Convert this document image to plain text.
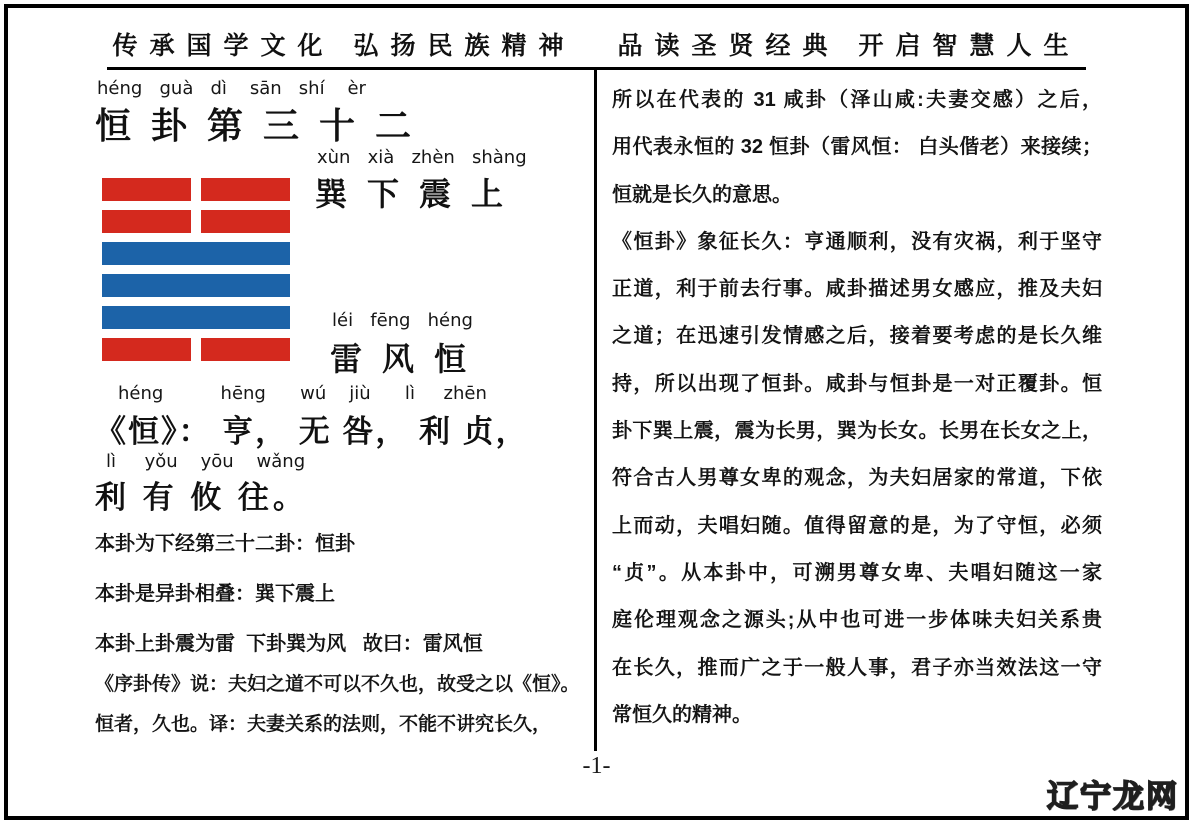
传承国学文化 弘扬民族精神 品读圣贤经典 开启智慧人生
héng   guà   dì    sān   shí    èr
恒卦第三十二
xùn   xià   zhèn   shàng
巽下震上
léi   fēng   héng
雷风恒
héng          hēng      wú    jiù      lì     zhēn
《恒》： 亨， 无 咎， 利 贞，
lì     yǒu    yōu    wǎng
利 有 攸 往。
本卦为下经第三十二卦：恒卦
本卦是异卦相叠：巽下震上
本卦上卦震为雷  下卦巽为风   故曰：雷风恒
《序卦传》说：夫妇之道不可以不久也，故受之以《恒》。
恒者，久也。译：夫妻关系的法则，不能不讲究长久，
所以在代表的 31 咸卦（泽山咸:夫妻交感）之后，
用代表永恒的 32 恒卦（雷风恒： 白头偕老）来接续；
恒就是长久的意思。
《恒卦》象征长久：亨通顺利，没有灾祸，利于坚守
正道，利于前去行事。咸卦描述男女感应，推及夫妇
之道；在迅速引发情感之后，接着要考虑的是长久维
持，所以出现了恒卦。咸卦与恒卦是一对正覆卦。恒
卦下巽上震，震为长男，巽为长女。长男在长女之上，
符合古人男尊女卑的观念，为夫妇居家的常道，下依
上而动，夫唱妇随。值得留意的是，为了守恒，必须
“贞”。从本卦中，可溯男尊女卑、夫唱妇随这一家
庭伦理观念之源头;从中也可进一步体味夫妇关系贵
在长久，推而广之于一般人事，君子亦当效法这一守
常恒久的精神。
-1-
辽宁龙网
